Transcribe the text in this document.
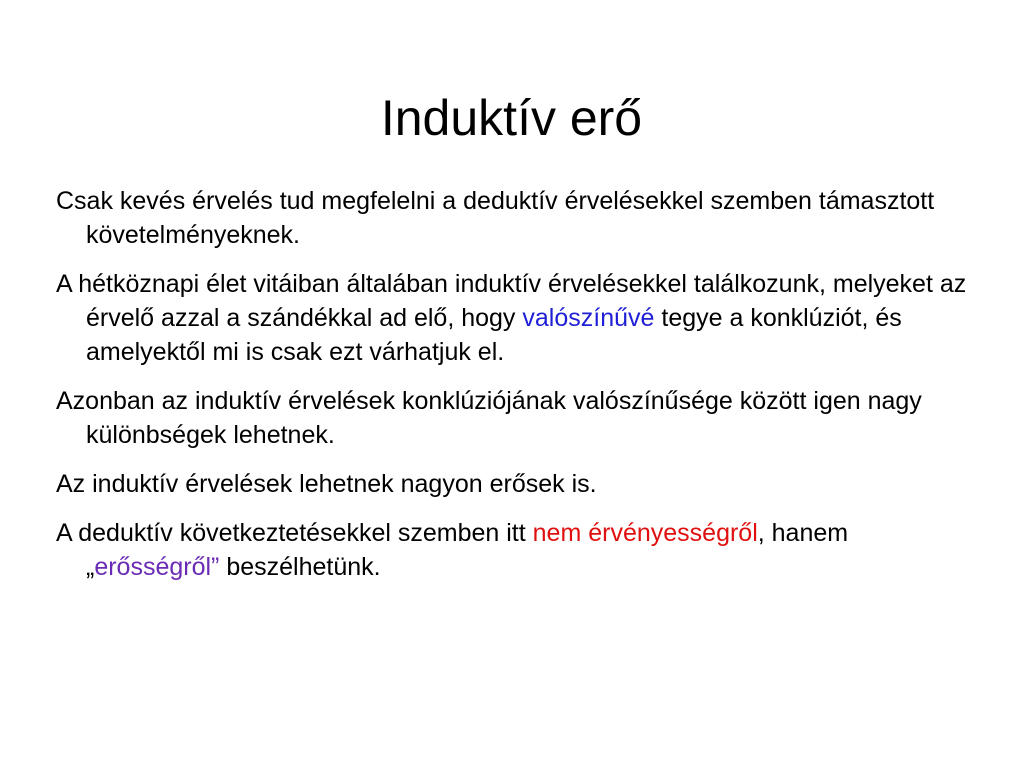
Induktív erő

Csak kevés érvelés tud megfelelni a deduktív érvelésekkel szemben támasztott követelményeknek.

A hétköznapi élet vitáiban általában induktív érvelésekkel találkozunk, melyeket az érvelő azzal a szándékkal ad elő, hogy valószínűvé tegye a konklúziót, és amelyektől mi is csak ezt várhatjuk el.

Azonban az induktív érvelések konklúziójának valószínűsége között igen nagy különbségek lehetnek.

Az induktív érvelések lehetnek nagyon erősek is.

A deduktív következtetésekkel szemben itt nem érvényességről, hanem „erősségről” beszélhetünk.
